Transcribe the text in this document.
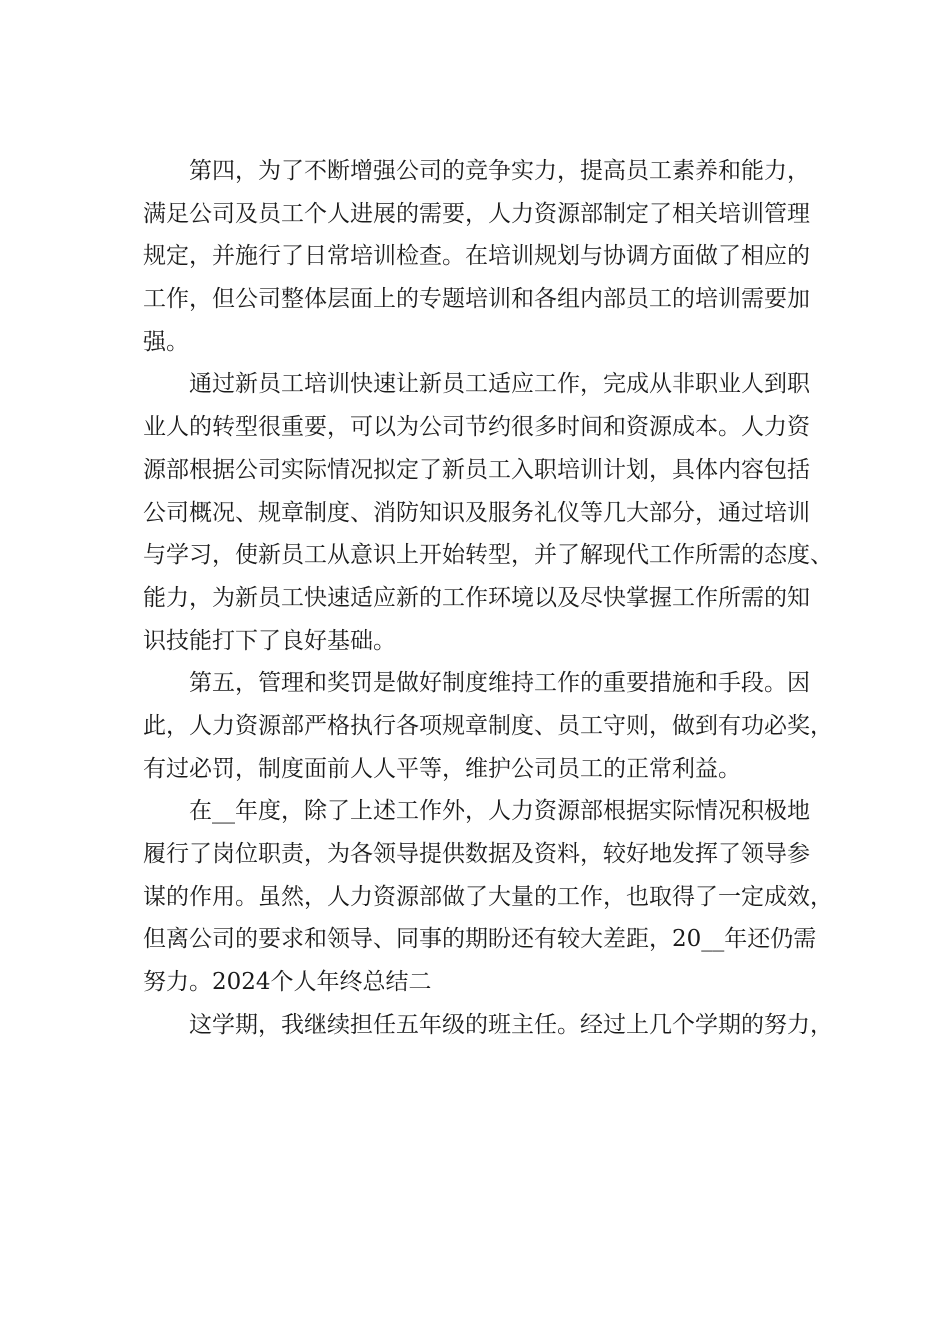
第四，为了不断增强公司的竞争实力，提高员工素养和能力，
满足公司及员工个人进展的需要，人力资源部制定了相关培训管理
规定，并施行了日常培训检查。在培训规划与协调方面做了相应的
工作，但公司整体层面上的专题培训和各组内部员工的培训需要加
强。

通过新员工培训快速让新员工适应工作，完成从非职业人到职
业人的转型很重要，可以为公司节约很多时间和资源成本。人力资
源部根据公司实际情况拟定了新员工入职培训计划，具体内容包括
公司概况、规章制度、消防知识及服务礼仪等几大部分，通过培训
与学习，使新员工从意识上开始转型，并了解现代工作所需的态度、
能力，为新员工快速适应新的工作环境以及尽快掌握工作所需的知
识技能打下了良好基础。

第五，管理和奖罚是做好制度维持工作的重要措施和手段。因
此，人力资源部严格执行各项规章制度、员工守则，做到有功必奖，
有过必罚，制度面前人人平等，维护公司员工的正常利益。

在__年度，除了上述工作外，人力资源部根据实际情况积极地
履行了岗位职责，为各领导提供数据及资料，较好地发挥了领导参
谋的作用。虽然，人力资源部做了大量的工作，也取得了一定成效，
但离公司的要求和领导、同事的期盼还有较大差距，20__年还仍需
努力。2024个人年终总结二

这学期，我继续担任五年级的班主任。经过上几个学期的努力，
